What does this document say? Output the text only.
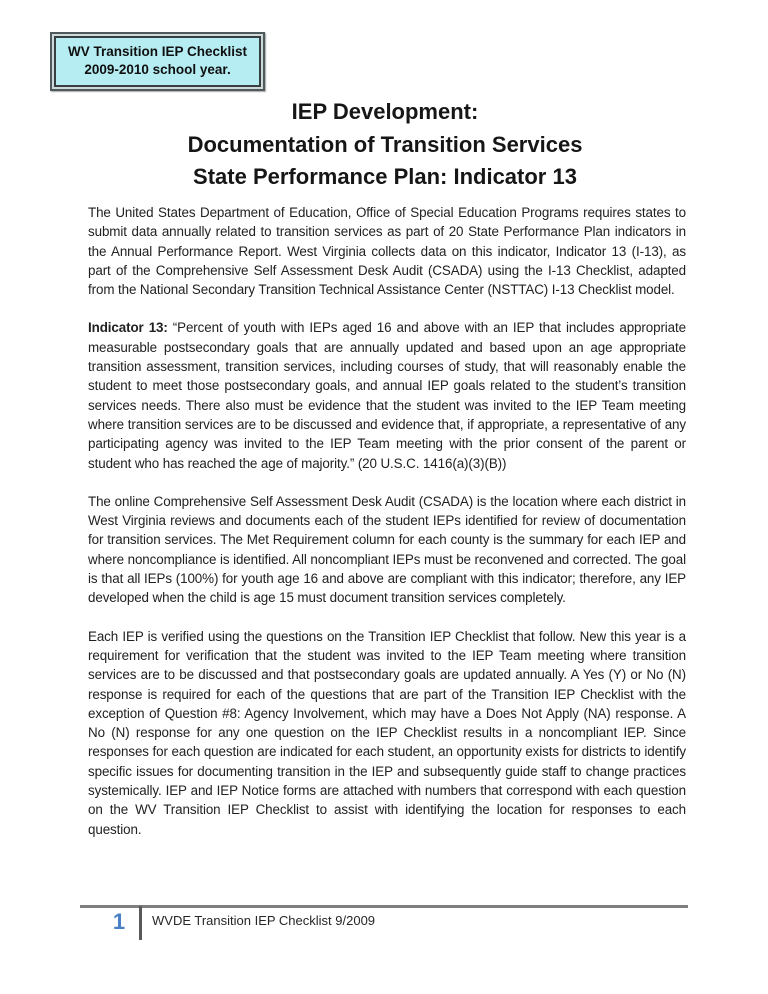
WV Transition IEP Checklist
2009-2010 school year.
IEP Development:
Documentation of Transition Services
State Performance Plan: Indicator 13

The United States Department of Education, Office of Special Education Programs requires states to submit data annually related to transition services as part of 20 State Performance Plan indicators in the Annual Performance Report. West Virginia collects data on this indicator, Indicator 13 (I-13), as part of the Comprehensive Self Assessment Desk Audit (CSADA) using the I-13 Checklist, adapted from the National Secondary Transition Technical Assistance Center (NSTTAC) I-13 Checklist model.

Indicator 13: “Percent of youth with IEPs aged 16 and above with an IEP that includes appropriate measurable postsecondary goals that are annually updated and based upon an age appropriate transition assessment, transition services, including courses of study, that will reasonably enable the student to meet those postsecondary goals, and annual IEP goals related to the student’s transition services needs. There also must be evidence that the student was invited to the IEP Team meeting where transition services are to be discussed and evidence that, if appropriate, a representative of any participating agency was invited to the IEP Team meeting with the prior consent of the parent or student who has reached the age of majority.” (20 U.S.C. 1416(a)(3)(B))

The online Comprehensive Self Assessment Desk Audit (CSADA) is the location where each district in West Virginia reviews and documents each of the student IEPs identified for review of documentation for transition services. The Met Requirement column for each county is the summary for each IEP and where noncompliance is identified. All noncompliant IEPs must be reconvened and corrected. The goal is that all IEPs (100%) for youth age 16 and above are compliant with this indicator; therefore, any IEP developed when the child is age 15 must document transition services completely.

Each IEP is verified using the questions on the Transition IEP Checklist that follow. New this year is a requirement for verification that the student was invited to the IEP Team meeting where transition services are to be discussed and that postsecondary goals are updated annually. A Yes (Y) or No (N) response is required for each of the questions that are part of the Transition IEP Checklist with the exception of Question #8: Agency Involvement, which may have a Does Not Apply (NA) response. A No (N) response for any one question on the IEP Checklist results in a noncompliant IEP. Since responses for each question are indicated for each student, an opportunity exists for districts to identify specific issues for documenting transition in the IEP and subsequently guide staff to change practices systemically. IEP and IEP Notice forms are attached with numbers that correspond with each question on the WV Transition IEP Checklist to assist with identifying the location for responses to each question.

1	WVDE Transition IEP Checklist 9/2009
